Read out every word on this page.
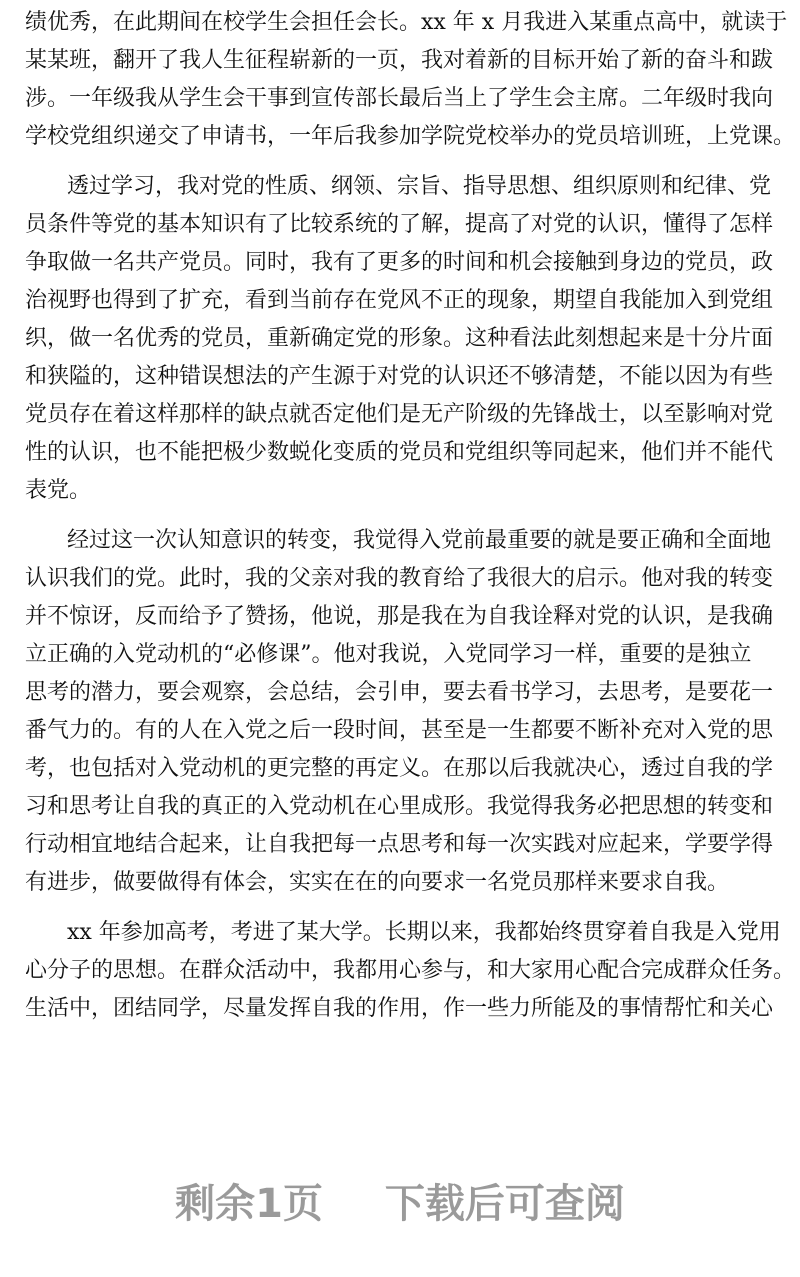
绩优秀，在此期间在校学生会担任会长。xx 年 x 月我进入某重点高中，就读于
某某班，翻开了我人生征程崭新的一页，我对着新的目标开始了新的奋斗和跋
涉。一年级我从学生会干事到宣传部长最后当上了学生会主席。二年级时我向
学校党组织递交了申请书，一年后我参加学院党校举办的党员培训班，上党课。
透过学习，我对党的性质、纲领、宗旨、指导思想、组织原则和纪律、党
员条件等党的基本知识有了比较系统的了解，提高了对党的认识，懂得了怎样
争取做一名共产党员。同时，我有了更多的时间和机会接触到身边的党员，政
治视野也得到了扩充，看到当前存在党风不正的现象，期望自我能加入到党组
织，做一名优秀的党员，重新确定党的形象。这种看法此刻想起来是十分片面
和狭隘的，这种错误想法的产生源于对党的认识还不够清楚，不能以因为有些
党员存在着这样那样的缺点就否定他们是无产阶级的先锋战士，以至影响对党
性的认识，也不能把极少数蜕化变质的党员和党组织等同起来，他们并不能代
表党。
经过这一次认知意识的转变，我觉得入党前最重要的就是要正确和全面地
认识我们的党。此时，我的父亲对我的教育给了我很大的启示。他对我的转变
并不惊讶，反而给予了赞扬，他说，那是我在为自我诠释对党的认识，是我确
立正确的入党动机的“必修课”。他对我说，入党同学习一样，重要的是独立
思考的潜力，要会观察，会总结，会引申，要去看书学习，去思考，是要花一
番气力的。有的人在入党之后一段时间，甚至是一生都要不断补充对入党的思
考，也包括对入党动机的更完整的再定义。在那以后我就决心，透过自我的学
习和思考让自我的真正的入党动机在心里成形。我觉得我务必把思想的转变和
行动相宜地结合起来，让自我把每一点思考和每一次实践对应起来，学要学得
有进步，做要做得有体会，实实在在的向要求一名党员那样来要求自我。
xx 年参加高考，考进了某大学。长期以来，我都始终贯穿着自我是入党用
心分子的思想。在群众活动中，我都用心参与，和大家用心配合完成群众任务。
生活中，团结同学，尽量发挥自我的作用，作一些力所能及的事情帮忙和关心
剩余1页 下载后可查阅
